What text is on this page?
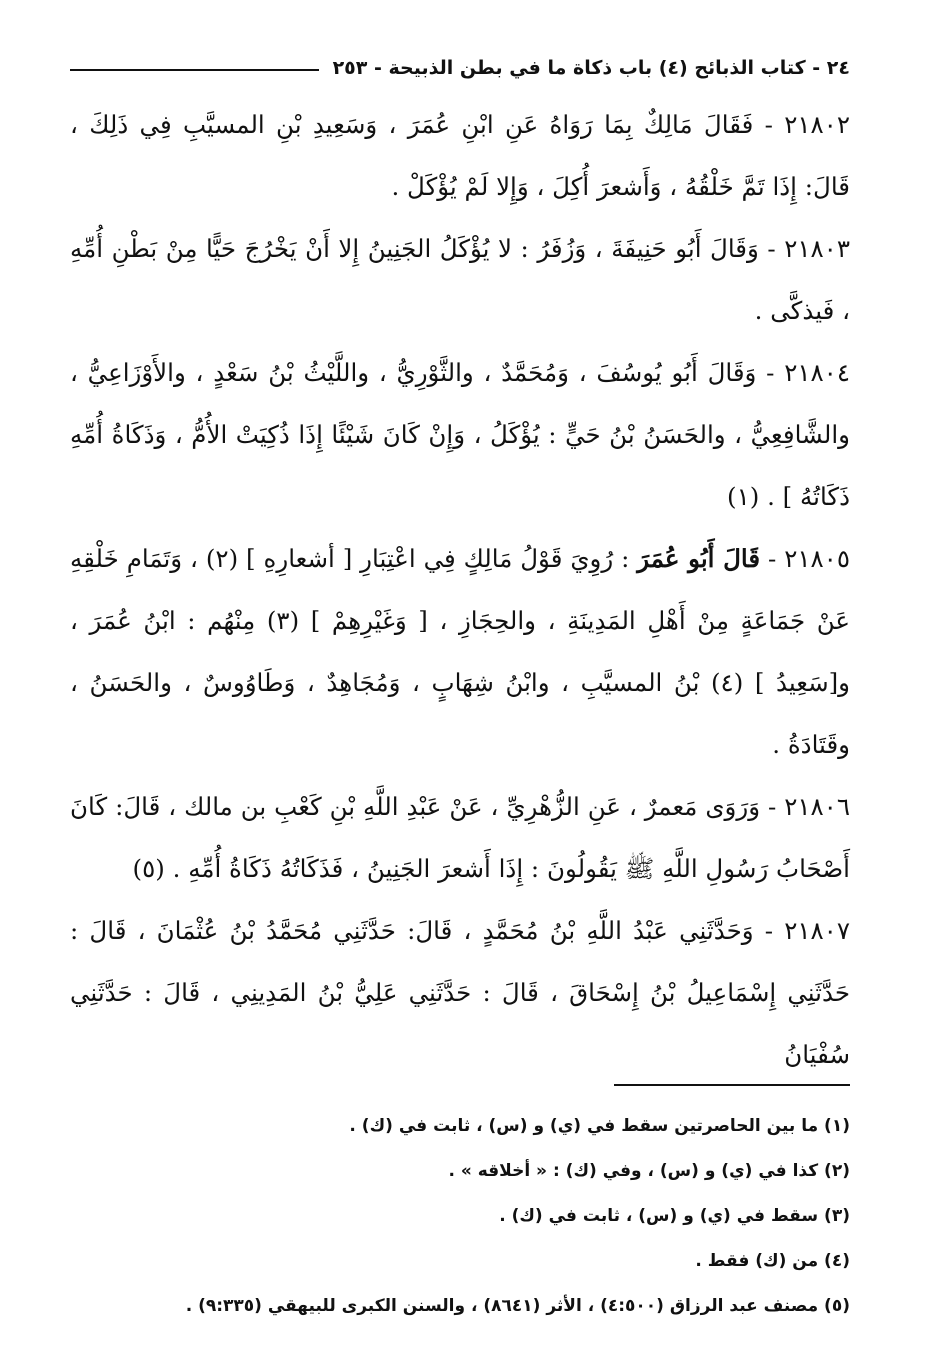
٢٤ - كتاب الذبائح (٤) باب ذكاة ما في بطن الذبيحة - ٢٥٣

٢١٨٠٢ - فَقَالَ مَالِكٌ بِمَا رَوَاهُ عَنِ ابْنِ عُمَرَ ، وَسَعِيدِ بْنِ المسيَّبِ فِي ذَلِكَ ، قَالَ: إِذَا تَمَّ خَلْقُهُ ، وَأَشعرَ أُكِلَ ، وَإِلا لَمْ يُؤْكَلْ .

٢١٨٠٣ - وَقَالَ أَبُو حَنِيفَةَ ، وَزُفَرُ : لا يُؤْكَلُ الجَنِينُ إِلا أَنْ يَخْرُجَ حَيًّا مِنْ بَطْنِ أُمِّهِ ، فَيذكَّى .

٢١٨٠٤ - وَقَالَ أَبُو يُوسُفَ ، وَمُحَمَّدٌ ، والثَّوْرِيُّ ، واللَّيْثُ بْنُ سَعْدٍ ، والأَوْزَاعِيُّ ، والشَّافِعِيُّ ، والحَسَنُ بْنُ حَيٍّ : يُؤْكَلُ ، وَإِنْ كَانَ شَيْئًا إِذَا ذُكِيَتْ الأُمُّ ، وَذَكَاةُ أُمِّهِ ذَكَاتُهُ ] . (١)

٢١٨٠٥ - قَالَ أَبُو عُمَرَ : رُوِيَ قَوْلُ مَالِكٍ فِي اعْتِبَارِ [ أشعارِهِ ] (٢) ، وَتَمَامِ خَلْقِهِ عَنْ جَمَاعَةٍ مِنْ أَهْلِ المَدِينَةِ ، والحِجَازِ ، [ وَغَيْرِهِمْ ] (٣) مِنْهُم : ابْنُ عُمَرَ ، و[سَعِيدُ ] (٤) بْنُ المسيَّبِ ، وابْنُ شِهَابٍ ، وَمُجَاهِدٌ ، وَطَاوُوسٌ ، والحَسَنُ ، وقَتَادَةُ .

٢١٨٠٦ - وَرَوَى مَعمرٌ ، عَنِ الزُّهْرِيِّ ، عَنْ عَبْدِ اللَّهِ بْنِ كَعْبِ بن مالك ، قَالَ: كَانَ أَصْحَابُ رَسُولِ اللَّهِ ﷺ يَقُولُونَ : إِذَا أَشعرَ الجَنِينُ ، فَذَكَاتُهُ ذَكَاةُ أُمِّهِ . (٥)

٢١٨٠٧ - وَحَدَّثَنِي عَبْدُ اللَّهِ بْنُ مُحَمَّدٍ ، قَالَ: حَدَّثَنِي مُحَمَّدُ بْنُ عُثْمَانَ ، قَالَ : حَدَّثَنِي إِسْمَاعِيلُ بْنُ إِسْحَاقَ ، قَالَ : حَدَّثَنِي عَلِيُّ بْنُ المَدِينِي ، قَالَ : حَدَّثَنِي سُفْيَانُ

(١) ما بين الحاصرتين سقط في (ي) و (س) ، ثابت في (ك) .
(٢) كذا في (ي) و (س) ، وفي (ك) : « أخلاقه » .
(٣) سقط في (ي) و (س) ، ثابت في (ك) .
(٤) من (ك) فقط .
(٥) مصنف عبد الرزاق (٤:٥٠٠) ، الأثر (٨٦٤١) ، والسنن الكبرى للبيهقي (٩:٣٣٥) .
